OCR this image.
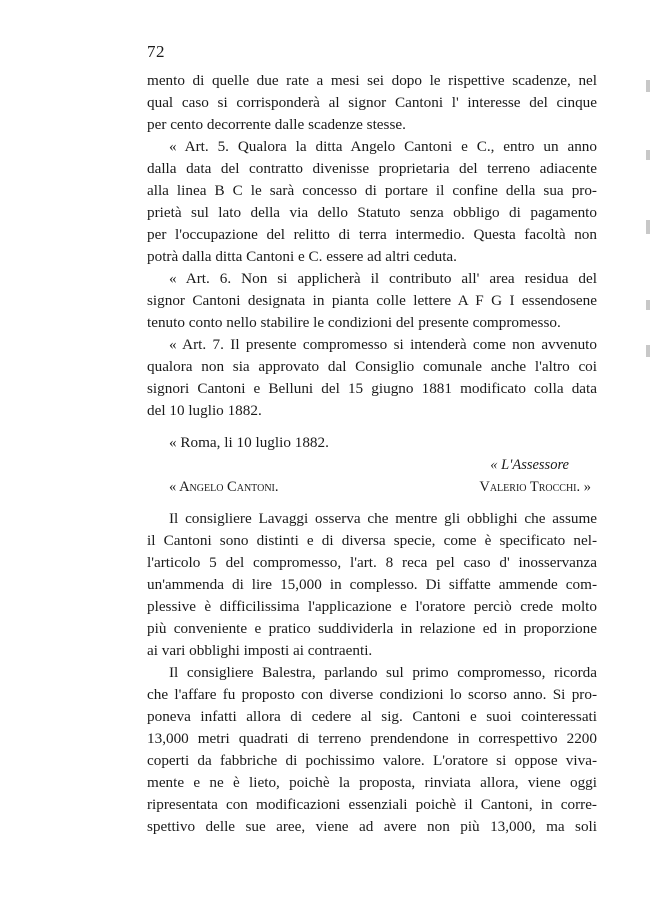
72
mento di quelle due rate a mesi sei dopo le rispettive scadenze, nel
qual caso si corrisponderà al signor Cantoni l' interesse del cinque
per cento decorrente dalle scadenze stesse.
« Art. 5. Qualora la ditta Angelo Cantoni e C., entro un anno
dalla data del contratto divenisse proprietaria del terreno adiacente
alla linea B C le sarà concesso di portare il confine della sua pro-
prietà sul lato della via dello Statuto senza obbligo di pagamento
per l'occupazione del relitto di terra intermedio. Questa facoltà non
potrà dalla ditta Cantoni e C. essere ad altri ceduta.
« Art. 6. Non si applicherà il contributo all' area residua del
signor Cantoni designata in pianta colle lettere A F G I essendosene
tenuto conto nello stabilire le condizioni del presente compromesso.
« Art. 7. Il presente compromesso si intenderà come non avvenuto
qualora non sia approvato dal Consiglio comunale anche l'altro coi
signori Cantoni e Belluni del 15 giugno 1881 modificato colla data
del 10 luglio 1882.
« Roma, li 10 luglio 1882.
« L'Assessore
« Angelo Cantoni.	Valerio Trocchi. »
Il consigliere Lavaggi osserva che mentre gli obblighi che assume
il Cantoni sono distinti e di diversa specie, come è specificato nel-
l'articolo 5 del compromesso, l'art. 8 reca pel caso d' inosservanza
un'ammenda di lire 15,000 in complesso. Di siffatte ammende com-
plessive è difficilissima l'applicazione e l'oratore perciò crede molto
più conveniente e pratico suddividerla in relazione ed in proporzione
ai vari obblighi imposti ai contraenti.
Il consigliere Balestra, parlando sul primo compromesso, ricorda
che l'affare fu proposto con diverse condizioni lo scorso anno. Si pro-
poneva infatti allora di cedere al sig. Cantoni e suoi cointeressati
13,000 metri quadrati di terreno prendendone in correspettivo 2200
coperti da fabbriche di pochissimo valore. L'oratore si oppose viva-
mente e ne è lieto, poichè la proposta, rinviata allora, viene oggi
ripresentata con modificazioni essenziali poichè il Cantoni, in corre-
spettivo delle sue aree, viene ad avere non più 13,000, ma soli
